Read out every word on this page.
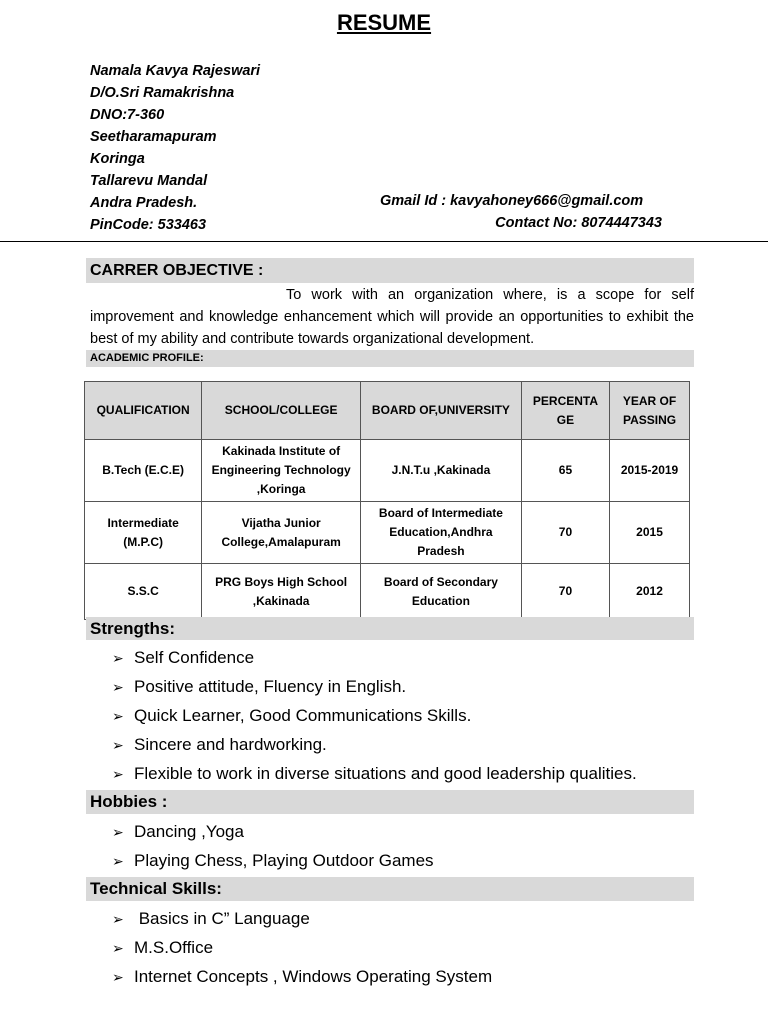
RESUME
Namala Kavya Rajeswari
D/O.Sri Ramakrishna
DNO:7-360
Seetharamapuram
Koringa
Tallarevu Mandal
Andra Pradesh.
PinCode: 533463
Gmail Id : kavyahoney666@gmail.com
Contact No: 8074447343
CARRER OBJECTIVE :
To work with an organization where, is a scope for self improvement and knowledge enhancement which will provide an opportunities to exhibit the best of my ability and contribute towards organizational development.
ACADEMIC PROFILE:
QUALIFICATION	SCHOOL/COLLEGE	BOARD OF,UNIVERSITY	PERCENTA GE	YEAR OF PASSING
B.Tech (E.C.E)	Kakinada Institute of Engineering Technology ,Koringa	J.N.T.u ,Kakinada	65	2015-2019
Intermediate (M.P.C)	Vijatha Junior College,Amalapuram	Board of Intermediate Education,Andhra Pradesh	70	2015
S.S.C	PRG Boys High School ,Kakinada	Board of Secondary Education	70	2012
Strengths:
➢ Self Confidence
➢ Positive attitude, Fluency in English.
➢ Quick Learner, Good Communications Skills.
➢ Sincere and hardworking.
➢ Flexible to work in diverse situations and good leadership qualities.
Hobbies :
➢ Dancing ,Yoga
➢ Playing Chess, Playing Outdoor Games
Technical Skills:
➢ Basics in C” Language
➢ M.S.Office
➢ Internet Concepts , Windows Operating System
